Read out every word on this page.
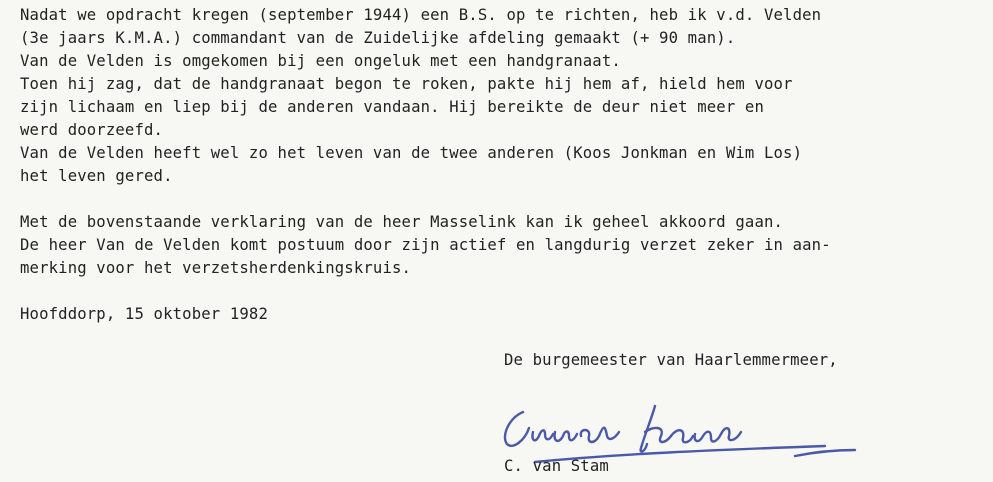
Nadat we opdracht kregen (september 1944) een B.S. op te richten, heb ik v.d. Velden
(3e jaars K.M.A.) commandant van de Zuidelijke afdeling gemaakt (+ 90 man).
Van de Velden is omgekomen bij een ongeluk met een handgranaat.
Toen hij zag, dat de handgranaat begon te roken, pakte hij hem af, hield hem voor
zijn lichaam en liep bij de anderen vandaan. Hij bereikte de deur niet meer en
werd doorzeefd.
Van de Velden heeft wel zo het leven van de twee anderen (Koos Jonkman en Wim Los)
het leven gered.
Met de bovenstaande verklaring van de heer Masselink kan ik geheel akkoord gaan.
De heer Van de Velden komt postuum door zijn actief en langdurig verzet zeker in aan-
merking voor het verzetsherdenkingskruis.
Hoofddorp, 15 oktober 1982
De burgemeester van Haarlemmermeer,
C. van Stam
